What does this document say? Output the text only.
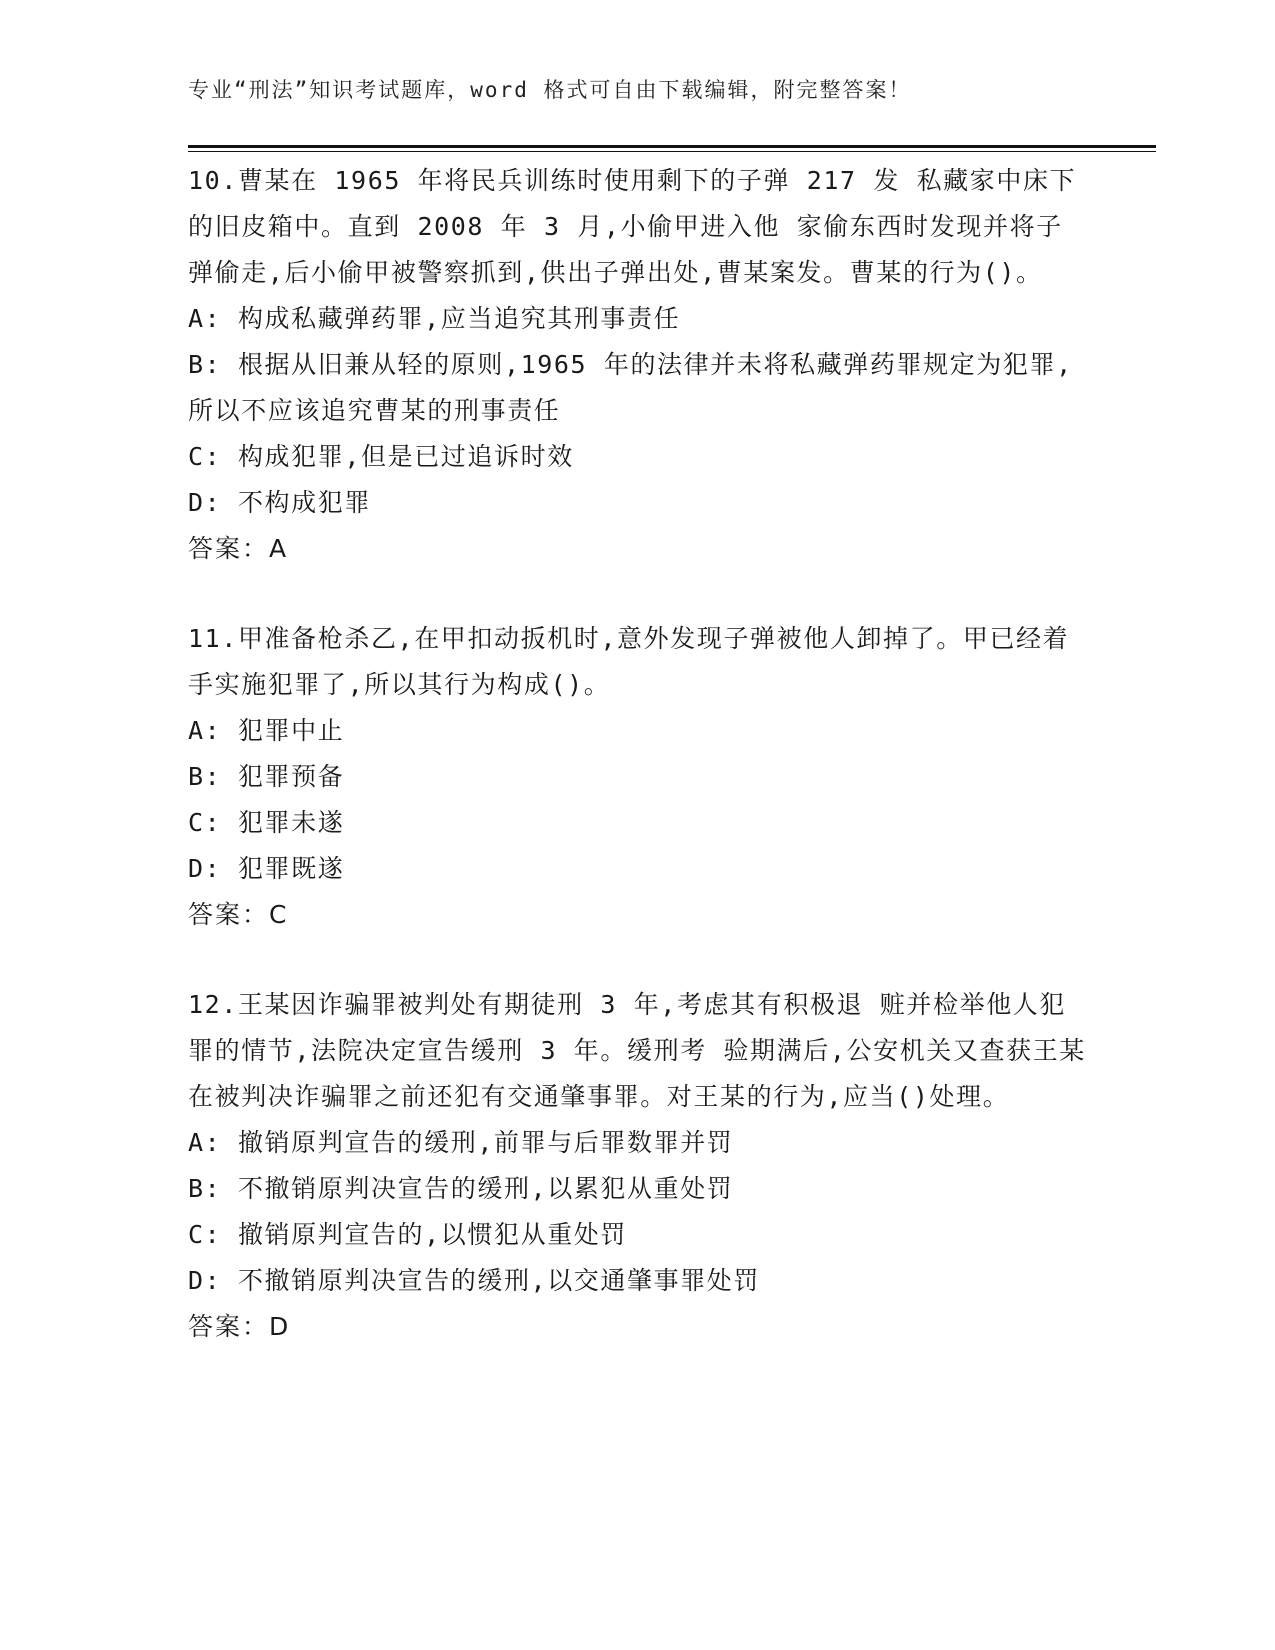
专业“刑法”知识考试题库，word 格式可自由下载编辑，附完整答案！

10.曹某在 1965 年将民兵训练时使用剩下的子弹 217 发 私藏家中床下的旧皮箱中。直到 2008 年 3 月,小偷甲进入他 家偷东西时发现并将子弹偷走,后小偷甲被警察抓到,供出子弹出处,曹某案发。曹某的行为()。

A: 构成私藏弹药罪,应当追究其刑事责任

B: 根据从旧兼从轻的原则,1965 年的法律并未将私藏弹药罪规定为犯罪,所以不应该追究曹某的刑事责任

C: 构成犯罪,但是已过追诉时效

D: 不构成犯罪

答案：A

11.甲准备枪杀乙,在甲扣动扳机时,意外发现子弹被他人卸掉了。甲已经着手实施犯罪了,所以其行为构成()。

A: 犯罪中止

B: 犯罪预备

C: 犯罪未遂

D: 犯罪既遂

答案：C

12.王某因诈骗罪被判处有期徒刑 3 年,考虑其有积极退 赃并检举他人犯罪的情节,法院决定宣告缓刑 3 年。缓刑考 验期满后,公安机关又查获王某在被判决诈骗罪之前还犯有交通肇事罪。对王某的行为,应当()处理。

A: 撤销原判宣告的缓刑,前罪与后罪数罪并罚

B: 不撤销原判决宣告的缓刑,以累犯从重处罚

C: 撤销原判宣告的,以惯犯从重处罚

D: 不撤销原判决宣告的缓刑,以交通肇事罪处罚

答案：D
